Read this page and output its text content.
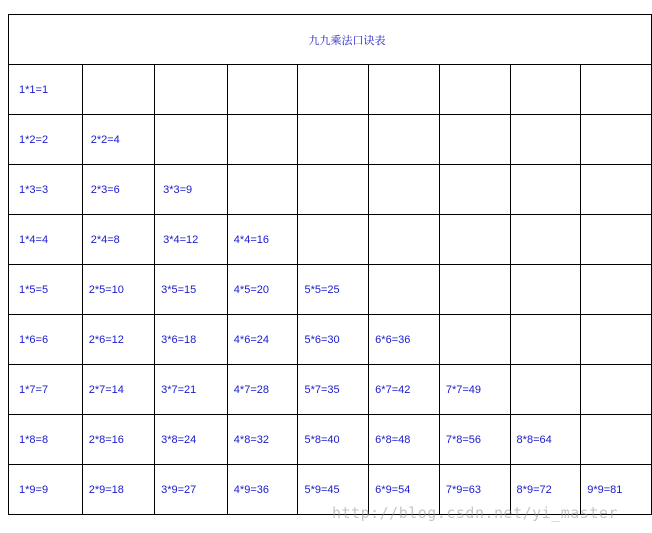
九九乘法口诀表								
1*1=1								
1*2=2	2*2=4							
1*3=3	2*3=6	3*3=9						
1*4=4	2*4=8	3*4=12	4*4=16					
1*5=5	2*5=10	3*5=15	4*5=20	5*5=25				
1*6=6	2*6=12	3*6=18	4*6=24	5*6=30	6*6=36			
1*7=7	2*7=14	3*7=21	4*7=28	5*7=35	6*7=42	7*7=49		
1*8=8	2*8=16	3*8=24	4*8=32	5*8=40	6*8=48	7*8=56	8*8=64	
1*9=9	2*9=18	3*9=27	4*9=36	5*9=45	6*9=54	7*9=63	8*9=72	9*9=81
http://blog.csdn.net/yi_master
